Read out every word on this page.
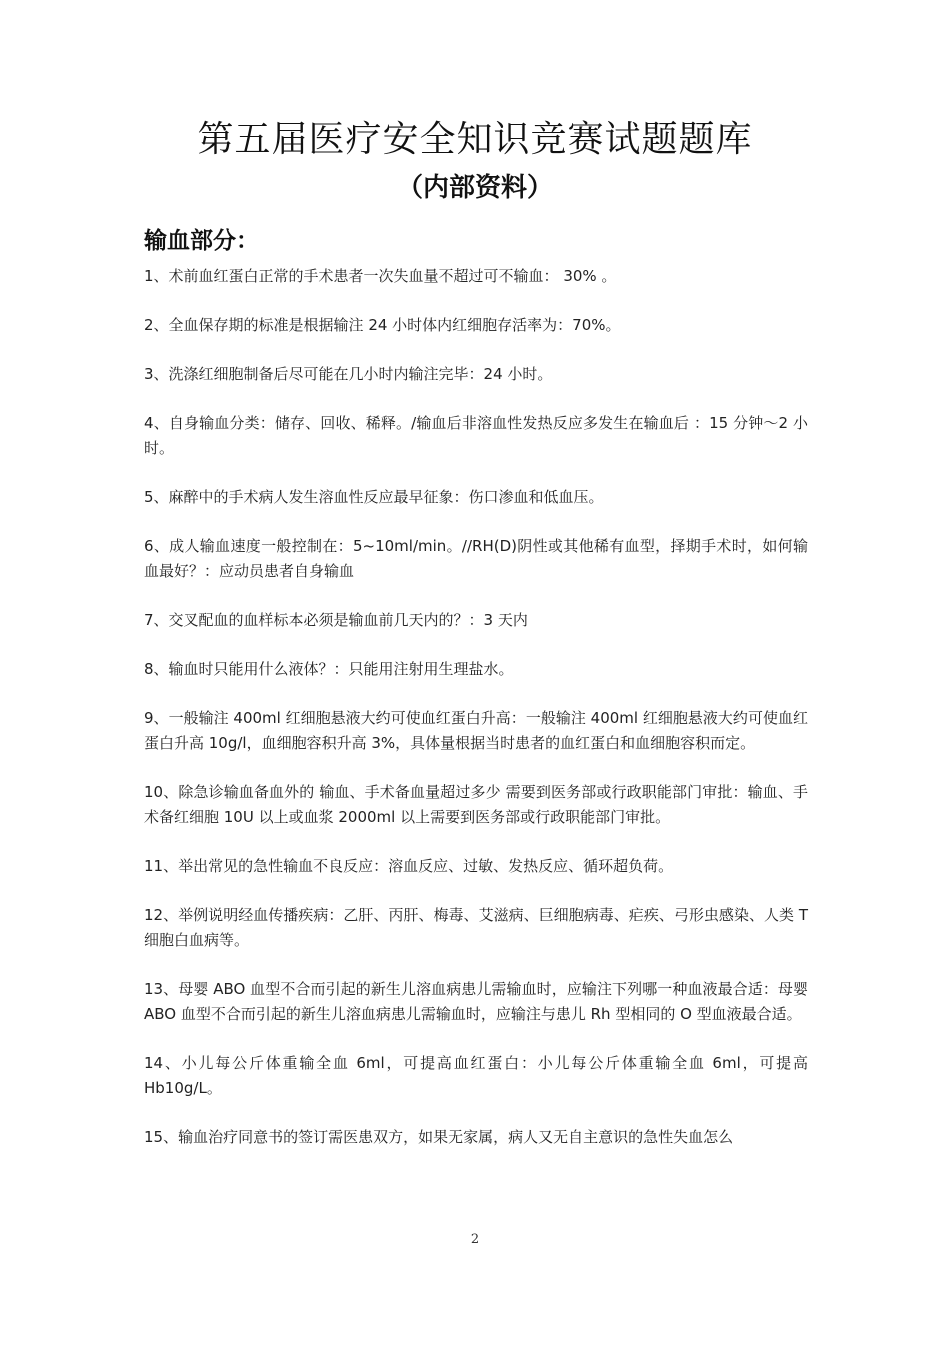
第五届医疗安全知识竞赛试题题库
（内部资料）
输血部分：

1、术前血红蛋白正常的手术患者一次失血量不超过可不输血： 30% 。

2、全血保存期的标准是根据输注 24 小时体内红细胞存活率为：70%。

3、洗涤红细胞制备后尽可能在几小时内输注完毕：24 小时。

4、自身输血分类：储存、回收、稀释。/输血后非溶血性发热反应多发生在输血后 ：15 分钟～2 小时。

5、麻醉中的手术病人发生溶血性反应最早征象：伤口渗血和低血压。

6、成人输血速度一般控制在：5~10ml/min。//RH(D)阴性或其他稀有血型，择期手术时，如何输血最好？：应动员患者自身输血

7、交叉配血的血样标本必须是输血前几天内的？：3 天内

8、输血时只能用什么液体？：只能用注射用生理盐水。

9、一般输注 400ml 红细胞悬液大约可使血红蛋白升高：一般输注 400ml 红细胞悬液大约可使血红蛋白升高 10g/l，血细胞容积升高 3%，具体量根据当时患者的血红蛋白和血细胞容积而定。

10、除急诊输血备血外的 输血、手术备血量超过多少 需要到医务部或行政职能部门审批：输血、手术备红细胞 10U 以上或血浆 2000ml 以上需要到医务部或行政职能部门审批。

11、举出常见的急性输血不良反应：溶血反应、过敏、发热反应、循环超负荷。

12、举例说明经血传播疾病：乙肝、丙肝、梅毒、艾滋病、巨细胞病毒、疟疾、弓形虫感染、人类 T 细胞白血病等。

13、母婴 ABO 血型不合而引起的新生儿溶血病患儿需输血时，应输注下列哪一种血液最合适：母婴 ABO 血型不合而引起的新生儿溶血病患儿需输血时，应输注与患儿 Rh 型相同的 O 型血液最合适。

14、小儿每公斤体重输全血 6ml，可提高血红蛋白：小儿每公斤体重输全血 6ml，可提高 Hb10g/L。

15、输血治疗同意书的签订需医患双方，如果无家属，病人又无自主意识的急性失血怎么

2
